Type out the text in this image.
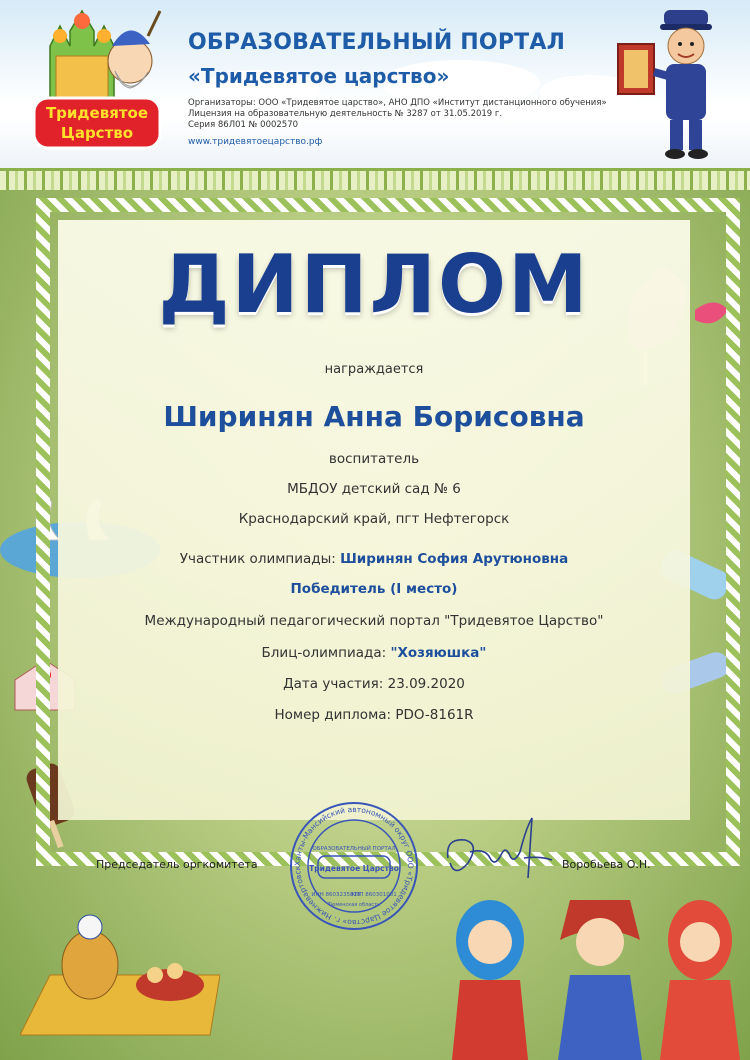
Тридевятое
Царство
ОБРАЗОВАТЕЛЬНЫЙ ПОРТАЛ
«Тридевятое царство»
Организаторы: ООО «Тридевятое царство», АНО ДПО «Институт дистанционного обучения»
Лицензия на образовательную деятельность № 3287 от 31.05.2019 г.
Серия 86Л01 № 0002570
www.тридевятоецарство.рф
ДИПЛОМ
награждается
Ширинян Анна Борисовна
воспитатель
МБДОУ детский сад № 6
Краснодарский край, пгт Нефтегорск
Участник олимпиады: Ширинян София Арутюновна
Победитель (I место)
Международный педагогический портал "Тридевятое Царство"
Блиц-олимпиада: "Хозяюшка"
Дата участия: 23.09.2020
Номер диплома: PDO-8161R
Председатель оргкомитета	Воробьева О.Н.
Ханты-Мансийский автономный округ ООО «Тридевятое Царство» г. Нижневартовск
ОБРАЗОВАТЕЛЬНЫЙ ПОРТАЛ
Тридевятое Царство
ИНН 8603235818
КПП 860301001
Тюменская область
